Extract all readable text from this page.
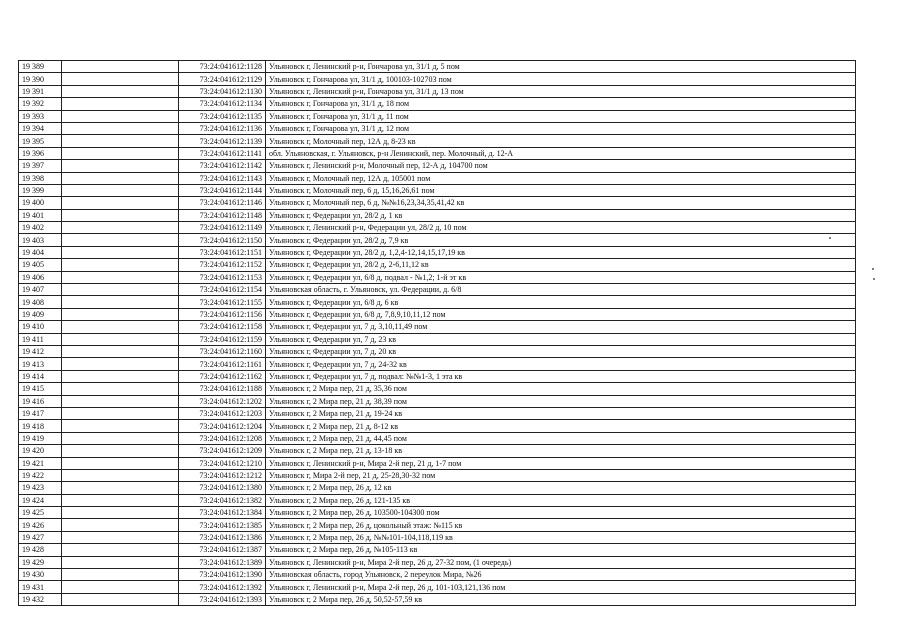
19 389		73:24:041612:1128	Ульяновск г, Ленинский р-н, Гончарова ул, 31/1 д, 5 пом
19 390		73:24:041612:1129	Ульяновск г, Гончарова ул, 31/1 д, 100103-102703 пом
19 391		73:24:041612:1130	Ульяновск г, Ленинский р-н, Гончарова ул, 31/1 д, 13 пом
19 392		73:24:041612:1134	Ульяновск г, Гончарова ул, 31/1 д, 18 пом
19 393		73:24:041612:1135	Ульяновск г, Гончарова ул, 31/1 д, 11 пом
19 394		73:24:041612:1136	Ульяновск г, Гончарова ул, 31/1 д, 12 пом
19 395		73:24:041612:1139	Ульяновск г, Молочный пер, 12А д, 8-23 кв
19 396		73:24:041612:1141	обл. Ульяновская, г. Ульяновск, р-н Ленинский, пер. Молочный, д. 12-А
19 397		73:24:041612:1142	Ульяновск г, Ленинский р-н, Молочный пер, 12-А д, 104700 пом
19 398		73:24:041612:1143	Ульяновск г, Молочный пер, 12А д, 105001 пом
19 399		73:24:041612:1144	Ульяновск г, Молочный пер, 6 д, 15,16,26,61 пом
19 400		73:24:041612:1146	Ульяновск г, Молочный пер, 6 д, №№16,23,34,35,41,42 кв
19 401		73:24:041612:1148	Ульяновск г, Федерации ул, 28/2 д, 1 кв
19 402		73:24:041612:1149	Ульяновск г, Ленинский р-н, Федерации ул, 28/2 д, 10 пом
19 403		73:24:041612:1150	Ульяновск г, Федерации ул, 28/2 д, 7,9 кв
19 404		73:24:041612:1151	Ульяновск г, Федерации ул, 28/2 д, 1,2,4-12,14,15,17,19 кв
19 405		73:24:041612:1152	Ульяновск г, Федерации ул, 28/2 д, 2-6,11,12 кв
19 406		73:24:041612:1153	Ульяновск г, Федерации ул, 6/8 д, подвал - №1,2; 1-й эт кв
19 407		73:24:041612:1154	Ульяновская область, г. Ульяновск, ул. Федерации, д. 6/8
19 408		73:24:041612:1155	Ульяновск г, Федерации ул, 6/8 д, 6 кв
19 409		73:24:041612:1156	Ульяновск г, Федерации ул, 6/8 д, 7,8,9,10,11,12 пом
19 410		73:24:041612:1158	Ульяновск г, Федерации ул, 7 д, 3,10,11,49 пом
19 411		73:24:041612:1159	Ульяновск г, Федерации ул, 7 д, 23 кв
19 412		73:24:041612:1160	Ульяновск г, Федерации ул, 7 д, 20 кв
19 413		73:24:041612:1161	Ульяновск г, Федерации ул, 7 д, 24-32 кв
19 414		73:24:041612:1162	Ульяновск г, Федерации ул, 7 д, подвал: №№1-3, 1 эта кв
19 415		73:24:041612:1188	Ульяновск г, 2 Мира пер, 21 д, 35,36 пом
19 416		73:24:041612:1202	Ульяновск г, 2 Мира пер, 21 д, 38,39 пом
19 417		73:24:041612:1203	Ульяновск г, 2 Мира пер, 21 д, 19-24 кв
19 418		73:24:041612:1204	Ульяновск г, 2 Мира пер, 21 д, 8-12 кв
19 419		73:24:041612:1208	Ульяновск г, 2 Мира пер, 21 д, 44,45 пом
19 420		73:24:041612:1209	Ульяновск г, 2 Мира пер, 21 д, 13-18 кв
19 421		73:24:041612:1210	Ульяновск г, Ленинский р-н, Мира 2-й пер, 21 д, 1-7 пом
19 422		73:24:041612:1212	Ульяновск г, Мира 2-й пер, 21 д, 25-28,30-32 пом
19 423		73:24:041612:1380	Ульяновск г, 2 Мира пер, 26 д, 12 кв
19 424		73:24:041612:1382	Ульяновск г, 2 Мира пер, 26 д, 121-135 кв
19 425		73:24:041612:1384	Ульяновск г, 2 Мира пер, 26 д, 103500-104300 пом
19 426		73:24:041612:1385	Ульяновск г, 2 Мира пер, 26 д, цокольный этаж: №115 кв
19 427		73:24:041612:1386	Ульяновск г, 2 Мира пер, 26 д, №№101-104,118,119 кв
19 428		73:24:041612:1387	Ульяновск г, 2 Мира пер, 26 д, №105-113 кв
19 429		73:24:041612:1389	Ульяновск г, Ленинский р-н, Мира 2-й пер, 26 д, 27-32 пом, (1 очередь)
19 430		73:24:041612:1390	Ульяновская область, город Ульяновск, 2 переулок Мира, №26
19 431		73:24:041612:1392	Ульяновск г, Ленинский р-н, Мира 2-й пер, 26 д, 101-103,121,136 пом
19 432		73:24:041612:1393	Ульяновск г, 2 Мира пер, 26 д, 50,52-57,59 кв
